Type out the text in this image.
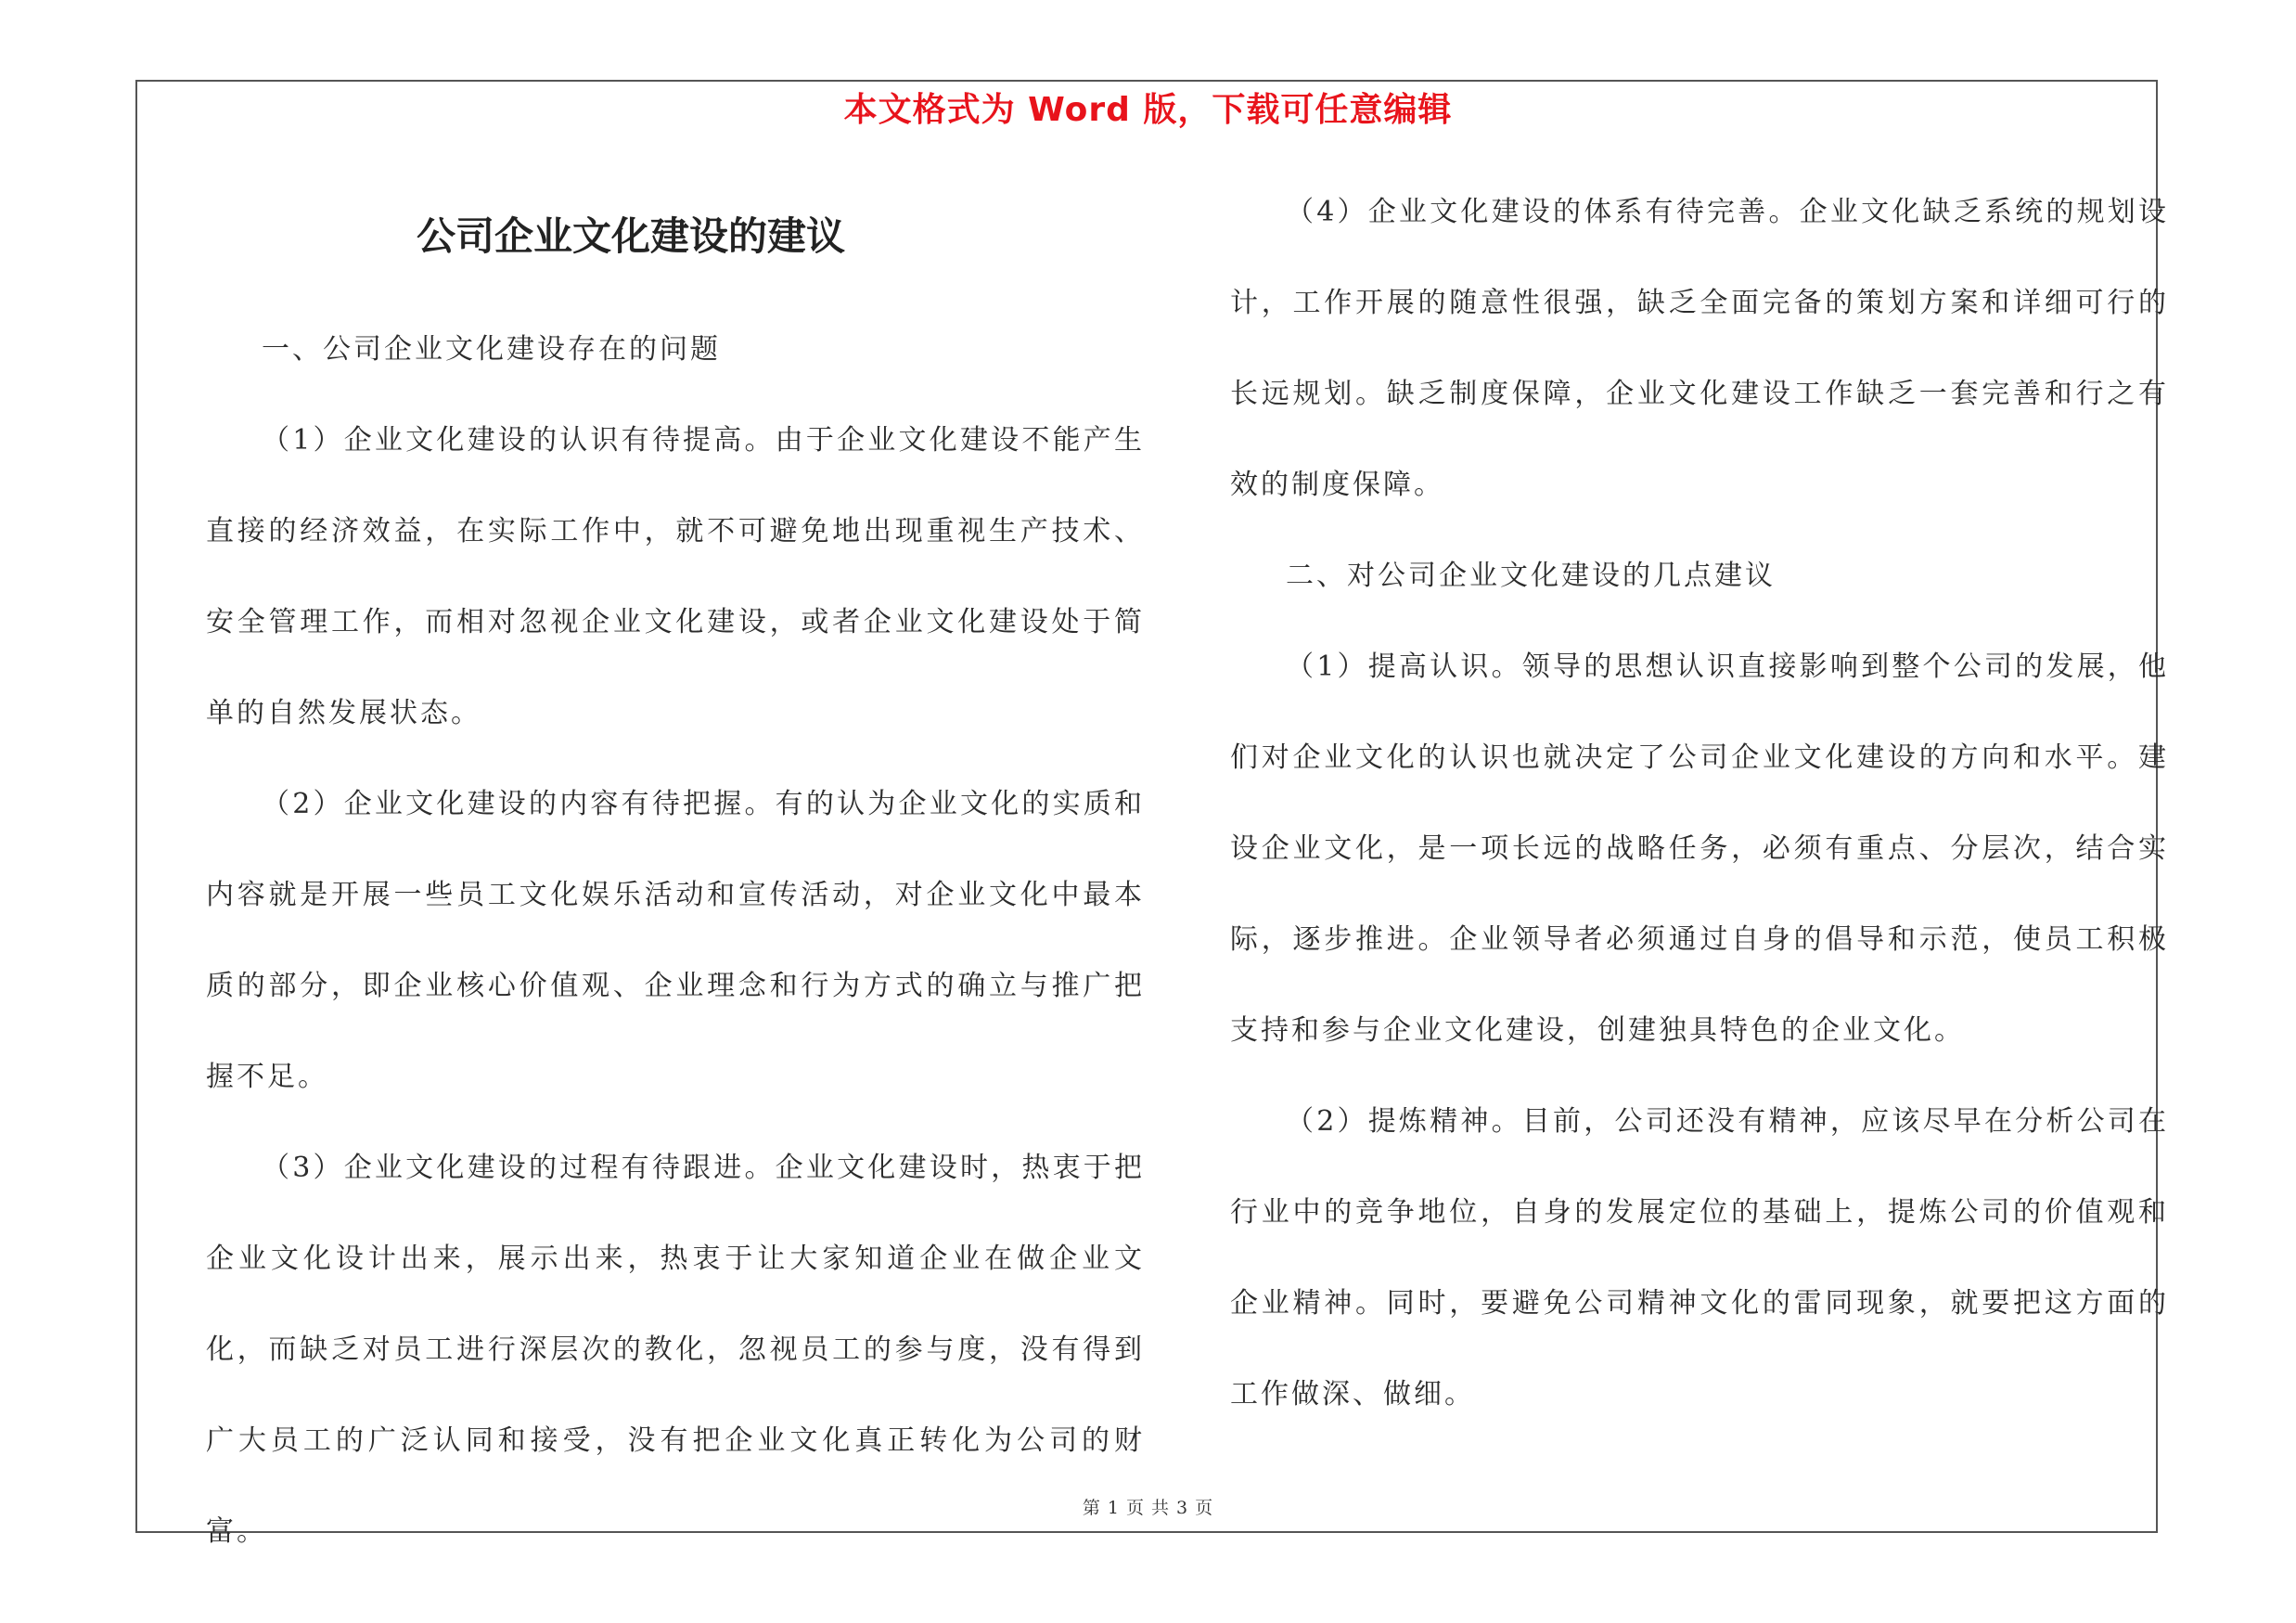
本文格式为 Word 版，下载可任意编辑
公司企业文化建设的建议

一、公司企业文化建设存在的问题

（1）企业文化建设的认识有待提高。由于企业文化建设不能产生直接的经济效益，在实际工作中，就不可避免地出现重视生产技术、安全管理工作，而相对忽视企业文化建设，或者企业文化建设处于简单的自然发展状态。

（2）企业文化建设的内容有待把握。有的认为企业文化的实质和内容就是开展一些员工文化娱乐活动和宣传活动，对企业文化中最本质的部分，即企业核心价值观、企业理念和行为方式的确立与推广把握不足。

（3）企业文化建设的过程有待跟进。企业文化建设时，热衷于把企业文化设计出来，展示出来，热衷于让大家知道企业在做企业文化，而缺乏对员工进行深层次的教化，忽视员工的参与度，没有得到广大员工的广泛认同和接受，没有把企业文化真正转化为公司的财富。

（4）企业文化建设的体系有待完善。企业文化缺乏系统的规划设计，工作开展的随意性很强，缺乏全面完备的策划方案和详细可行的长远规划。缺乏制度保障，企业文化建设工作缺乏一套完善和行之有效的制度保障。

二、对公司企业文化建设的几点建议

（1）提高认识。领导的思想认识直接影响到整个公司的发展，他们对企业文化的认识也就决定了公司企业文化建设的方向和水平。建设企业文化，是一项长远的战略任务，必须有重点、分层次，结合实际，逐步推进。企业领导者必须通过自身的倡导和示范，使员工积极支持和参与企业文化建设，创建独具特色的企业文化。

（2）提炼精神。目前，公司还没有精神，应该尽早在分析公司在行业中的竞争地位，自身的发展定位的基础上，提炼公司的价值观和企业精神。同时，要避免公司精神文化的雷同现象，就要把这方面的工作做深、做细。

第 1 页 共 3 页
